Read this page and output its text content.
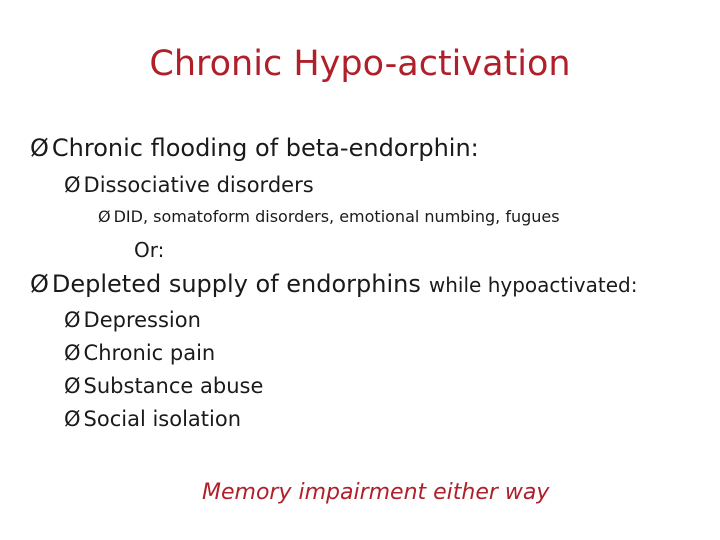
Chronic Hypo-activation
Ø Chronic flooding of beta-endorphin:
Ø Dissociative disorders
Ø DID, somatoform disorders, emotional numbing, fugues
Or:
Ø Depleted supply of endorphins while hypoactivated:
Ø Depression
Ø Chronic pain
Ø Substance abuse
Ø Social isolation
Memory impairment either way
